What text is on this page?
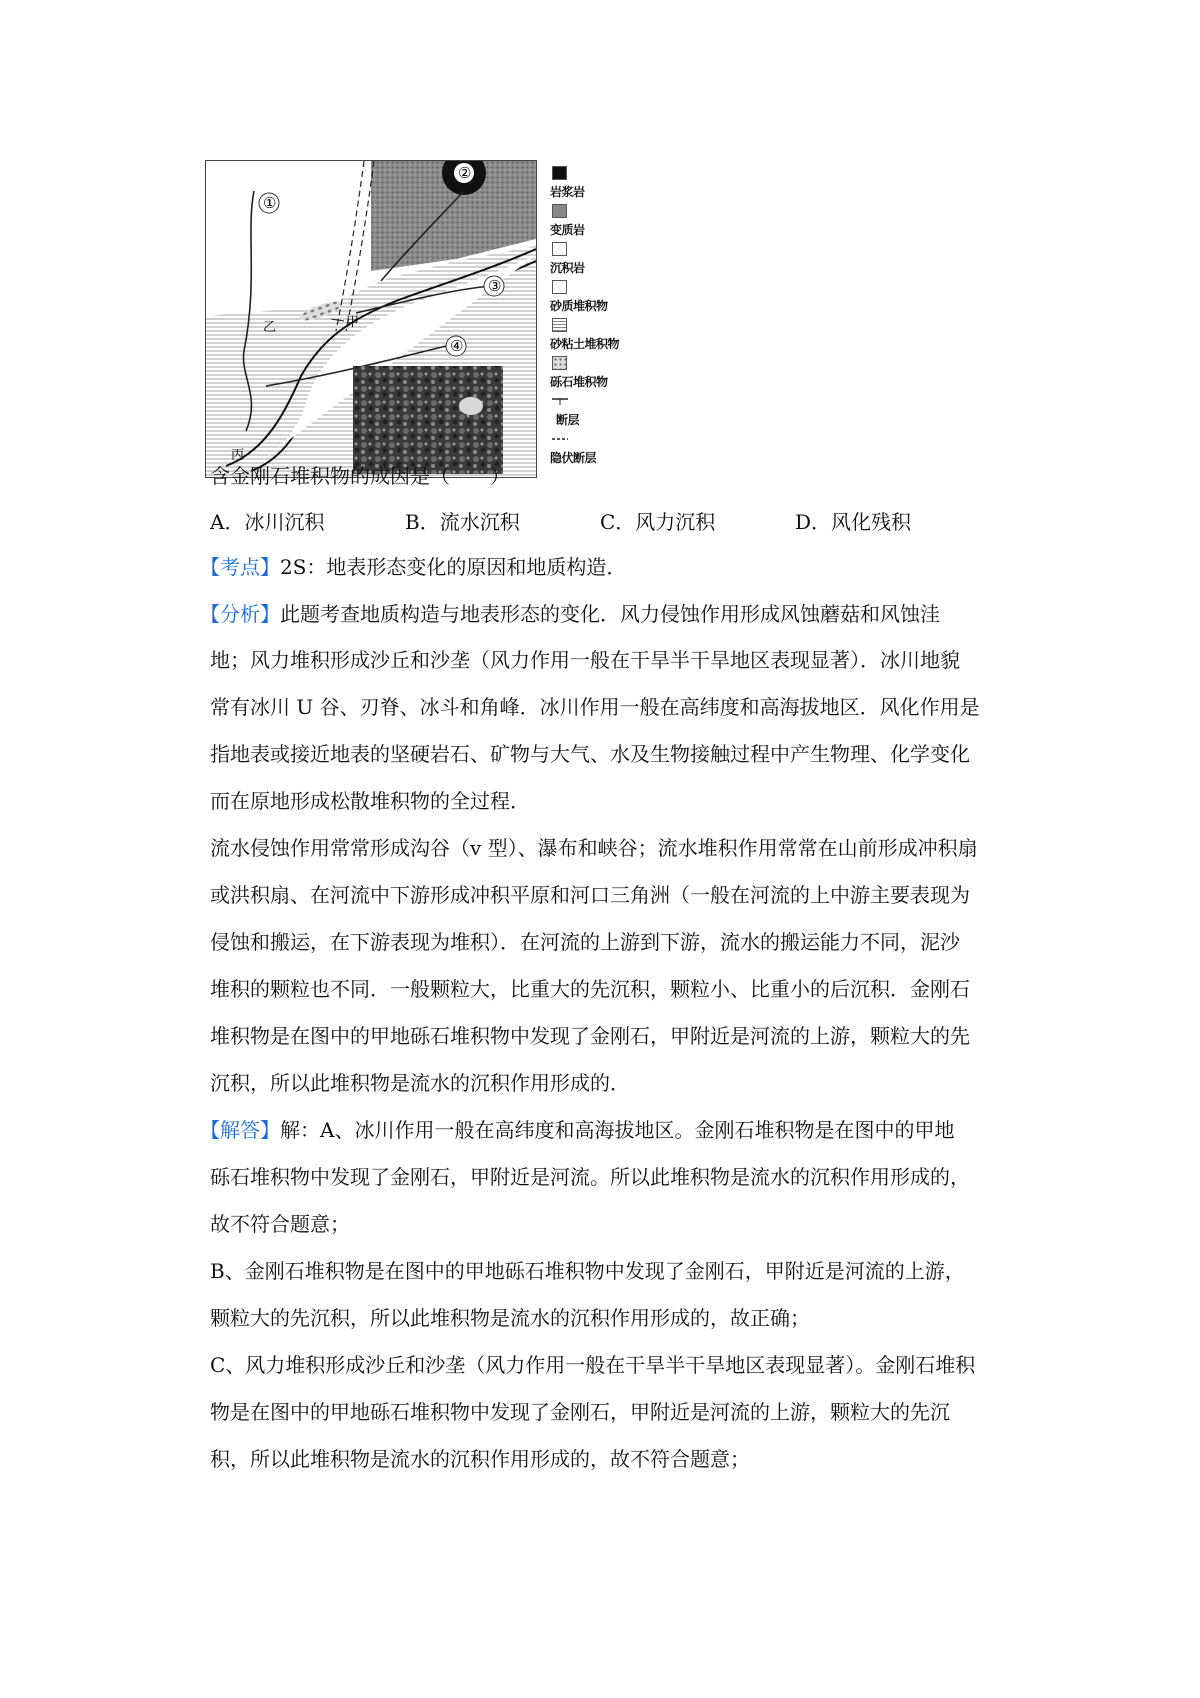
②
①
③
④
甲
乙
丙
岩浆岩
变质岩
沉积岩
砂质堆积物
砂粘土堆积物
砾石堆积物
断层
隐伏断层
含金刚石堆积物的成因是（　　）
A．冰川沉积	B．流水沉积	C．风力沉积	D．风化残积
【考点】2S：地表形态变化的原因和地质构造．
【分析】此题考查地质构造与地表形态的变化．风力侵蚀作用形成风蚀蘑菇和风蚀洼
地；风力堆积形成沙丘和沙垄（风力作用一般在干旱半干旱地区表现显著）．冰川地貌
常有冰川 U 谷、刃脊、冰斗和角峰．冰川作用一般在高纬度和高海拔地区．风化作用是
指地表或接近地表的坚硬岩石、矿物与大气、水及生物接触过程中产生物理、化学变化
而在原地形成松散堆积物的全过程．
流水侵蚀作用常常形成沟谷（v 型）、瀑布和峡谷；流水堆积作用常常在山前形成冲积扇
或洪积扇、在河流中下游形成冲积平原和河口三角洲（一般在河流的上中游主要表现为
侵蚀和搬运，在下游表现为堆积）．在河流的上游到下游，流水的搬运能力不同，泥沙
堆积的颗粒也不同．一般颗粒大，比重大的先沉积，颗粒小、比重小的后沉积．金刚石
堆积物是在图中的甲地砾石堆积物中发现了金刚石，甲附近是河流的上游，颗粒大的先
沉积，所以此堆积物是流水的沉积作用形成的．
【解答】解：A、冰川作用一般在高纬度和高海拔地区。金刚石堆积物是在图中的甲地
砾石堆积物中发现了金刚石，甲附近是河流。所以此堆积物是流水的沉积作用形成的，
故不符合题意；
B、金刚石堆积物是在图中的甲地砾石堆积物中发现了金刚石，甲附近是河流的上游，
颗粒大的先沉积，所以此堆积物是流水的沉积作用形成的，故正确；
C、风力堆积形成沙丘和沙垄（风力作用一般在干旱半干旱地区表现显著）。金刚石堆积
物是在图中的甲地砾石堆积物中发现了金刚石，甲附近是河流的上游，颗粒大的先沉
积，所以此堆积物是流水的沉积作用形成的，故不符合题意；
